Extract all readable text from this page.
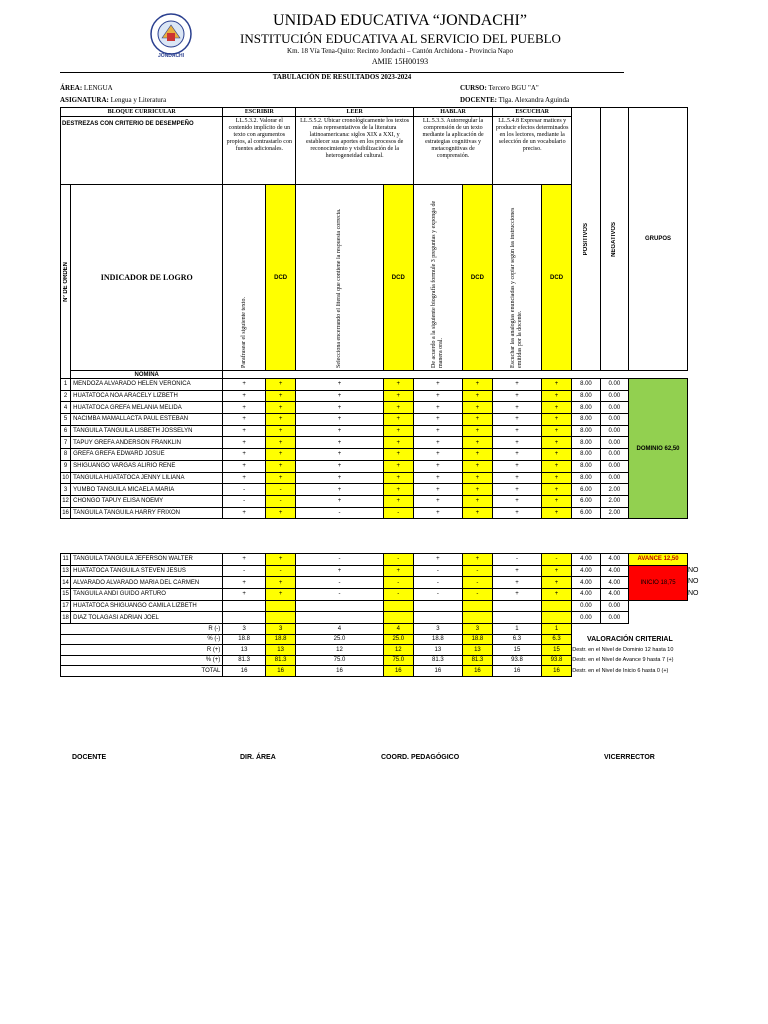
JONDACHI
UNIDAD EDUCATIVA “JONDACHI”
INSTITUCIÓN EDUCATIVA AL SERVICIO DEL PUEBLO
Km. 18 Vía Tena-Quito: Recinto Jondachi – Cantón Archidona - Provincia Napo
AMIE 15H00193
TABULACIÓN DE RESULTADOS 2023-2024
ÁREA: LENGUA
ASIGNATURA: Lengua y Literatura
CURSO: Tercero BGU "A"
DOCENTE: Tlga. Alexandra Aguinda
BLOQUE CURRICULAR		ESCRIBIR		LEER		HABLAR		ESCUCHAR		POSITIVOS	NEGATIVOS	GRUPOS
DESTREZAS CON CRITERIO DE DESEMPEÑO		LL.5.3.2. Valorar el contenido implícito de un texto con argumentos propios, al contrastarlo con fuentes adicionales.		LL.5.5.2. Ubicar cronológicamente los textos más representativos de la literatura latinoamericana: siglos XIX a XXI, y establecer sus aportes en los procesos de reconocimiento y visibilización de la heterogeneidad cultural.		LL.5.3.3. Autorregular la comprensión de un texto mediante la aplicación de estrategias cognitivas y metacognitivas de comprensión.		LL.5.4.8 Expresar matices y producir efectos determinados en los lectores, mediante la selección de un vocabulario preciso.				

Nº DE ORDEN	INDICADOR DE LOGRO	Parafrasear el siguiente texto.	DCD	Selecciona encerrando el literal que contiene la respuesta correcta.	DCD	De acuerdo a la siguiente biografía formule 3 preguntas y exponga de manera oral.	DCD	Escuchar las analogías enunciadas y copiar según las instrucciones emitidas por la docente.	DCD			
	NÓMINA											
1	MENDOZA ALVARADO HELEN VERONICA	+	+	+	+	+	+	+	+	8.00	0.00	DOMINIO 62,50
2	HUATATOCA NOA ARACELY LIZBETH	+	+	+	+	+	+	+	+	8.00	0.00	
4	HUATATOCA GREFA MELANIA MELIDA	+	+	+	+	+	+	+	+	8.00	0.00	
5	NACIMBA MAMALLACTA PAUL ESTEBAN	+	+	+	+	+	+	+	+	8.00	0.00	
6	TANGUILA TANGUILA LISBETH JOSSELYN	+	+	+	+	+	+	+	+	8.00	0.00	
7	TAPUY GREFA ANDERSON FRANKLIN	+	+	+	+	+	+	+	+	8.00	0.00	
8	GREFA GREFA EDWARD JOSUE	+	+	+	+	+	+	+	+	8.00	0.00	
9	SHIGUANGO VARGAS ALIRIO RENE	+	+	+	+	+	+	+	+	8.00	0.00	
10	TANGUILA HUATATOCA JENNY LILIANA	+	+	+	+	+	+	+	+	8.00	0.00	
3	YUMBO TANGUILA MICAELA MARIA	-	-	+	+	+	+	+	+	6.00	2.00	
12	CHONGO TAPUY ELISA NOEMY	-	-	+	+	+	+	+	+	6.00	2.00	
16	TANGUILA TANGUILA HARRY FRIXON	+	+	-	-	+	+	+	+	6.00	2.00	
11	TANGUILA TANGUILA JEFERSON WALTER	+	+	-	-	+	+	-	-	4.00	4.00	AVANCE 12,50
13	HUATATOCA TANGUILA STEVEN JESUS	-	-	+	+	-	-	+	+	4.00	4.00	INICIO 18,75
14	ALVARADO ALVARADO MARIA DEL CARMEN	+	+	-	-	-	-	+	+	4.00	4.00	
15	TANGUILA ANDI GUIDO ARTURO	+	+	-	-	-	-	+	+	4.00	4.00	
17	HUATATOCA SHIGUANGO CAMILA LIZBETH									0.00	0.00	
18	DIAZ TOLAGASI ADRIAN JOEL									0.00	0.00	
R (-)		3	3	4	4	3	3	1	1			
% (-)		18.8	18.8	25.0	25.0	18.8	18.8	6.3	6.3	VALORACIÓN CRITERIAL		
R (+)		13	13	12	12	13	13	15	15	Destr. en el Nivel de Dominio 12 hasta 10		
% (+)		81.3	81.3	75.0	75.0	81.3	81.3	93.8	93.8	Destr. en el Nivel de Avance 9 hasta 7 (+)		
TOTAL		16	16	16	16	16	16	16	16	Destr. en el Nivel de Inicio 6 hasta 0 (+)		
DOCENTE	DIR. ÁREA	COORD. PEDAGÓGICO	VICERRECTOR
NO
NO
NO
